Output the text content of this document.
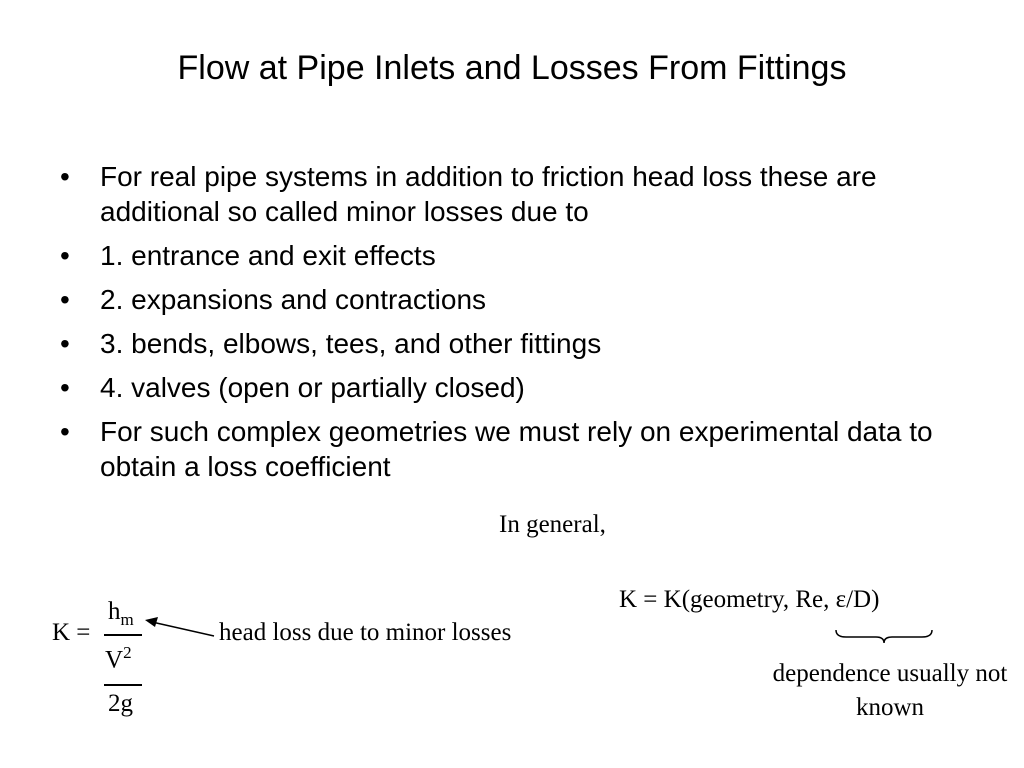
Flow at Pipe Inlets and Losses From Fittings
• For real pipe systems in addition to friction head loss these are additional so called minor losses due to
• 1. entrance and exit effects
• 2. expansions and contractions
• 3. bends, elbows, tees, and other fittings
• 4. valves (open or partially closed)
• For such complex geometries we must rely on experimental data to obtain a loss coefficient
In general,
K = K(geometry, Re, ε/D)
dependence usually not known
K =
$h_m$
$V^2$
2g
head loss due to minor losses
